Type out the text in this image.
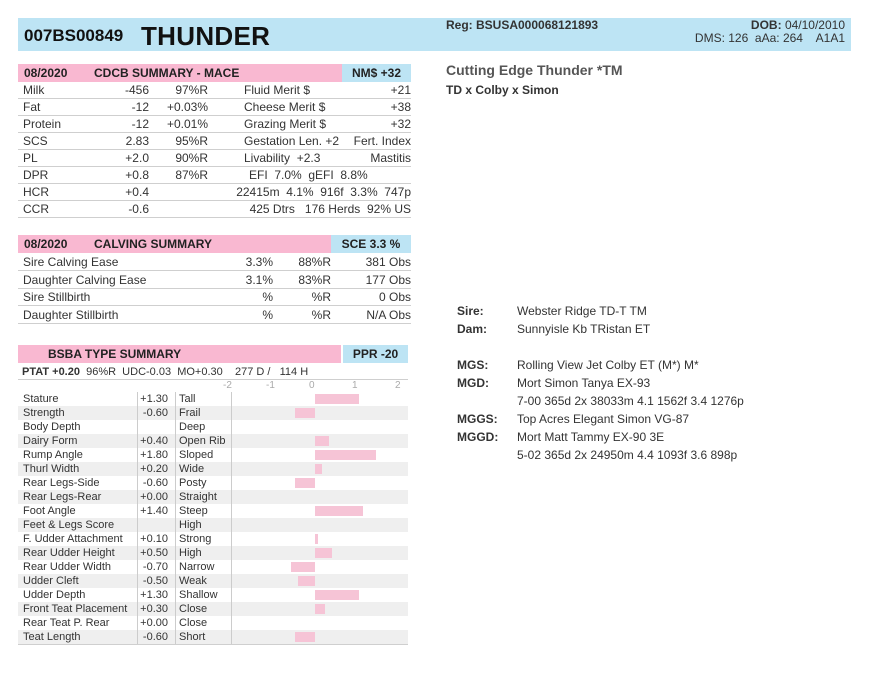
007BS00849 THUNDER	Reg: BSUSA000068121893	DOB: 04/10/2010
DMS: 126  aAa: 264    A1A1
08/2020 CDCB SUMMARY - MACE	NM$ +32
Milk	-456 97%R	Fluid Merit $	+21
Fat	-12 +0.03%	Cheese Merit $	+38
Protein	-12 +0.01%	Grazing Merit $	+32
SCS	2.83 95%R	Gestation Len. +2 Fert. Index
PL	+2.0 90%R	Livability  +2.3	Mastitis
DPR	+0.8 87%R	EFI  7.0%  gEFI  8.8%
HCR	+0.4	22415m  4.1%  916f  3.3%  747p
CCR	-0.6	425 Dtrs   176 Herds  92% US
08/2020 CALVING SUMMARY	SCE 3.3 %
Sire Calving Ease	3.3% 88%R	381 Obs
Daughter Calving Ease	3.1% 83%R	177 Obs
Sire Stillbirth	%	%R	0 Obs
Daughter Stillbirth	%	%R	N/A Obs
BSBA TYPE SUMMARY	PPR -20
PTAT +0.20 96%R  UDC-0.03  MO+0.30    277 D /   114 H
-2	-1	0	1	2
Stature	+1.30 Tall
Strength	-0.60 Frail
Body Depth	Deep
Dairy Form	+0.40 Open Rib
Rump Angle	+1.80 Sloped
Thurl Width	+0.20 Wide
Rear Legs-Side	-0.60 Posty
Rear Legs-Rear	+0.00 Straight
Foot Angle	+1.40 Steep
Feet & Legs Score	High
F. Udder Attachment +0.10 Strong
Rear Udder Height +0.50 High
Rear Udder Width	-0.70 Narrow
Udder Cleft	-0.50 Weak
Udder Depth	+1.30 Shallow
Front Teat Placement +0.30 Close
Rear Teat P. Rear	+0.00 Close
Teat Length	-0.60 Short
Cutting Edge Thunder *TM
TD x Colby x Simon
Sire:	Webster Ridge TD-T TM
Dam: Sunnyisle Kb TRistan ET
MGS: Rolling View Jet Colby ET (M*) M*
MGD: Mort Simon Tanya EX-93
7-00 365d 2x 38033m 4.1 1562f 3.4 1276p
MGGS: Top Acres Elegant Simon VG-87
MGGD: Mort Matt Tammy EX-90 3E
5-02 365d 2x 24950m 4.4 1093f 3.6 898p
